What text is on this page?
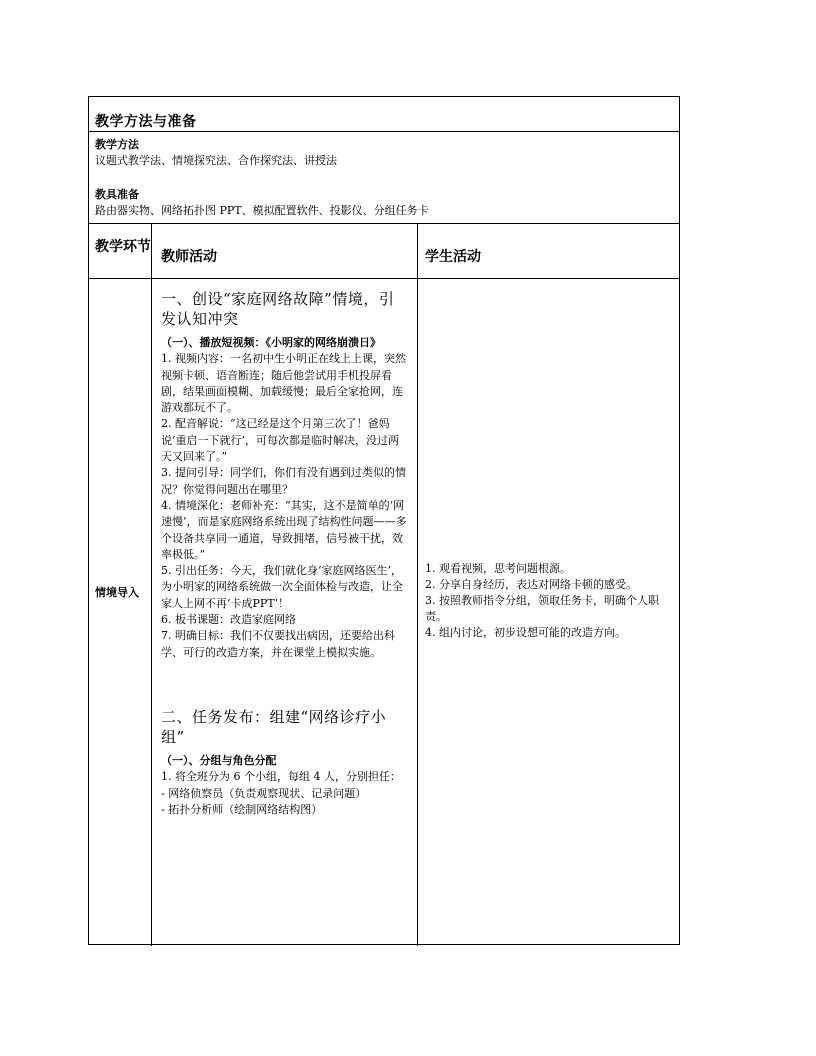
教学方法与准备
教学方法
议题式教学法、情境探究法、合作探究法、讲授法
教具准备
路由器实物、网络拓扑图 PPT、模拟配置软件、投影仪、分组任务卡
教学环节
教师活动	学生活动
情境导入
一、创设“家庭网络故障”情境，引发认知冲突
（一）、播放短视频：《小明家的网络崩溃日》

1. 视频内容：一名初中生小明正在线上上课，突然视频卡顿、语音断连；随后他尝试用手机投屏看剧，结果画面模糊、加载缓慢；最后全家抢网，连游戏都玩不了。

2. 配音解说：“这已经是这个月第三次了！爸妈说‘重启一下就行’，可每次都是临时解决，没过两天又回来了。”

3. 提问引导：同学们，你们有没有遇到过类似的情况？你觉得问题出在哪里？

4. 情境深化：老师补充：“其实，这不是简单的‘网速慢’，而是家庭网络系统出现了结构性问题——多个设备共享同一通道，导致拥堵，信号被干扰，效率极低。”

5. 引出任务：今天，我们就化身‘家庭网络医生’，为小明家的网络系统做一次全面体检与改造，让全家人上网不再‘卡成PPT’！

6. 板书课题：改造家庭网络

7. 明确目标：我们不仅要找出病因，还要给出科学、可行的改造方案，并在课堂上模拟实施。

二、任务发布：组建“网络诊疗小组”
（一）、分组与角色分配

1. 将全班分为 6 个小组，每组 4 人，分别担任：

- 网络侦察员（负责观察现状、记录问题）

- 拓扑分析师（绘制网络结构图）

1. 观看视频，思考问题根源。

2. 分享自身经历，表达对网络卡顿的感受。

3. 按照教师指令分组，领取任务卡，明确个人职责。

4. 组内讨论，初步设想可能的改造方向。
